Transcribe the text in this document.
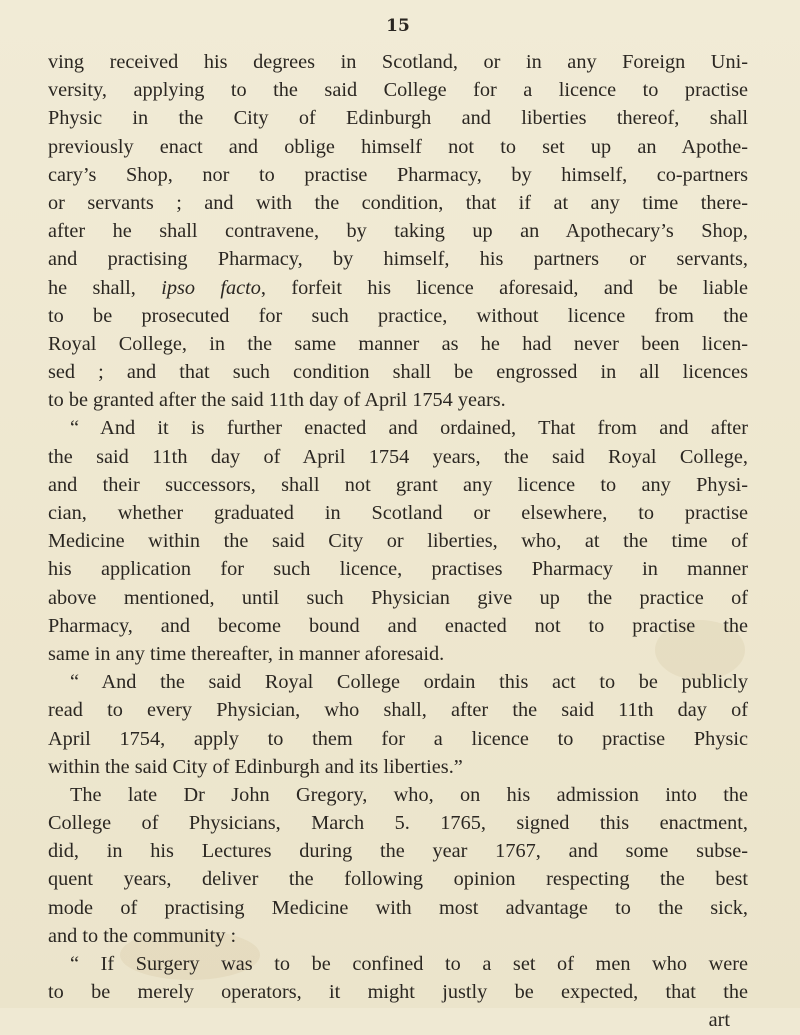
15
ving received his degrees in Scotland, or in any Foreign Uni-
versity, applying to the said College for a licence to practise
Physic in the City of Edinburgh and liberties thereof, shall
previously enact and oblige himself not to set up an Apothe-
cary’s Shop, nor to practise Pharmacy, by himself, co-partners
or servants ; and with the condition, that if at any time there-
after he shall contravene, by taking up an Apothecary’s Shop,
and practising Pharmacy, by himself, his partners or servants,
he shall, ipso facto, forfeit his licence aforesaid, and be liable
to be prosecuted for such practice, without licence from the
Royal College, in the same manner as he had never been licen-
sed ; and that such condition shall be engrossed in all licences
to be granted after the said 11th day of April 1754 years.
“ And it is further enacted and ordained, That from and after
the said 11th day of April 1754 years, the said Royal College,
and their successors, shall not grant any licence to any Physi-
cian, whether graduated in Scotland or elsewhere, to practise
Medicine within the said City or liberties, who, at the time of
his application for such licence, practises Pharmacy in manner
above mentioned, until such Physician give up the practice of
Pharmacy, and become bound and enacted not to practise the
same in any time thereafter, in manner aforesaid.
“ And the said Royal College ordain this act to be publicly
read to every Physician, who shall, after the said 11th day of
April 1754, apply to them for a licence to practise Physic
within the said City of Edinburgh and its liberties.”
The late Dr John Gregory, who, on his admission into the
College of Physicians, March 5. 1765, signed this enactment,
did, in his Lectures during the year 1767, and some subse-
quent years, deliver the following opinion respecting the best
mode of practising Medicine with most advantage to the sick,
and to the community :
“ If Surgery was to be confined to a set of men who were
to be merely operators, it might justly be expected, that the
art
